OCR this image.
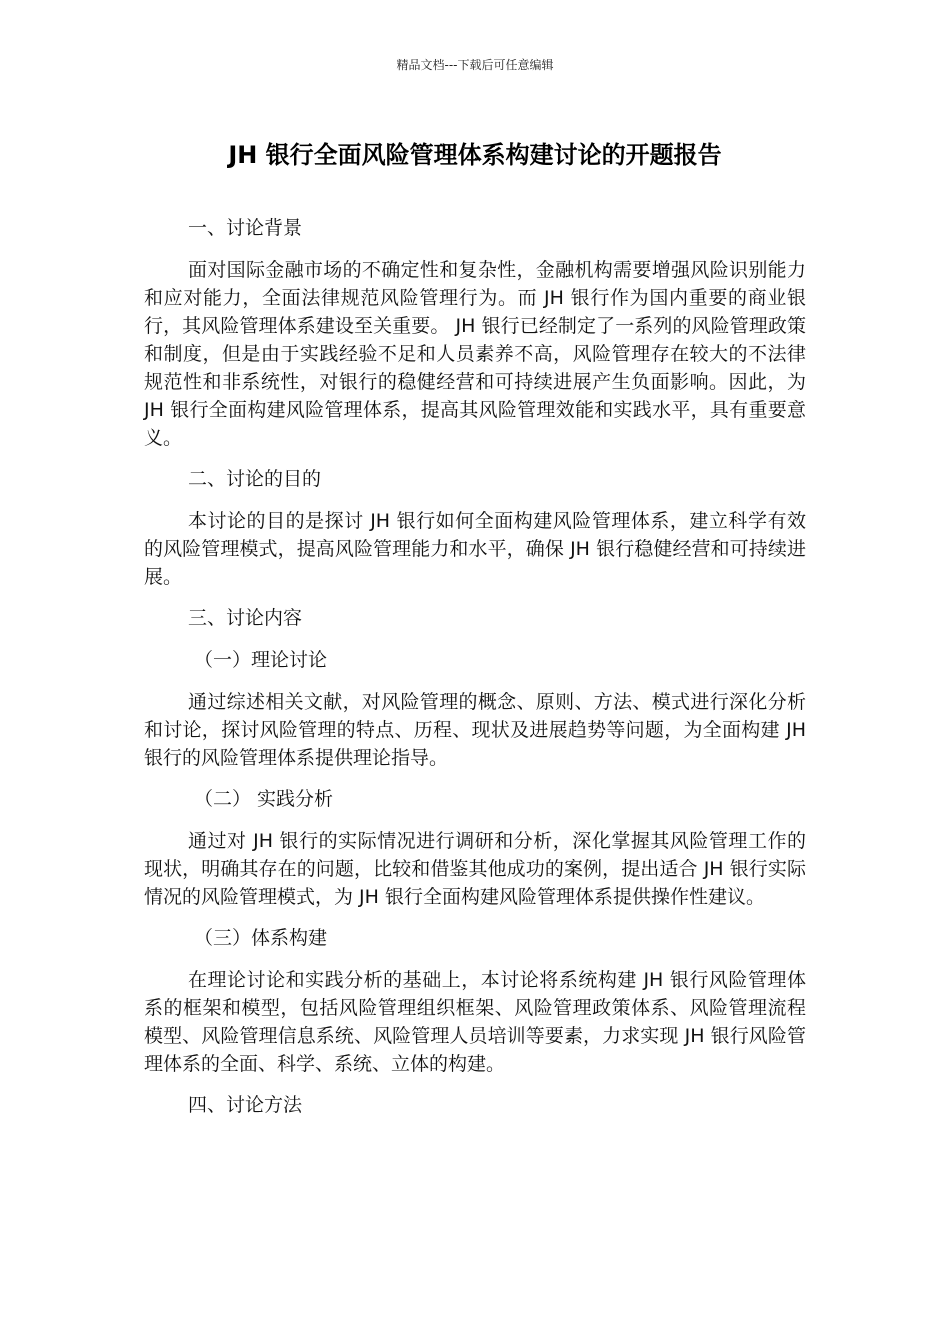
精品文档---下载后可任意编辑
JH 银行全面风险管理体系构建讨论的开题报告

一、讨论背景

面对国际金融市场的不确定性和复杂性，金融机构需要增强风险识别能力和应对能力，全面法律规范风险管理行为。而 JH 银行作为国内重要的商业银行，其风险管理体系建设至关重要。 JH 银行已经制定了一系列的风险管理政策和制度，但是由于实践经验不足和人员素养不高，风险管理存在较大的不法律规范性和非系统性，对银行的稳健经营和可持续进展产生负面影响。因此，为 JH 银行全面构建风险管理体系，提高其风险管理效能和实践水平，具有重要意义。

二、讨论的目的

本讨论的目的是探讨 JH 银行如何全面构建风险管理体系，建立科学有效的风险管理模式，提高风险管理能力和水平，确保 JH 银行稳健经营和可持续进展。

三、讨论内容

（一）理论讨论

通过综述相关文献，对风险管理的概念、原则、方法、模式进行深化分析和讨论，探讨风险管理的特点、历程、现状及进展趋势等问题，为全面构建 JH 银行的风险管理体系提供理论指导。

（二） 实践分析

通过对 JH 银行的实际情况进行调研和分析，深化掌握其风险管理工作的现状，明确其存在的问题，比较和借鉴其他成功的案例，提出适合 JH 银行实际情况的风险管理模式，为 JH 银行全面构建风险管理体系提供操作性建议。

（三）体系构建

在理论讨论和实践分析的基础上，本讨论将系统构建 JH 银行风险管理体系的框架和模型，包括风险管理组织框架、风险管理政策体系、风险管理流程模型、风险管理信息系统、风险管理人员培训等要素，力求实现 JH 银行风险管理体系的全面、科学、系统、立体的构建。

四、讨论方法
